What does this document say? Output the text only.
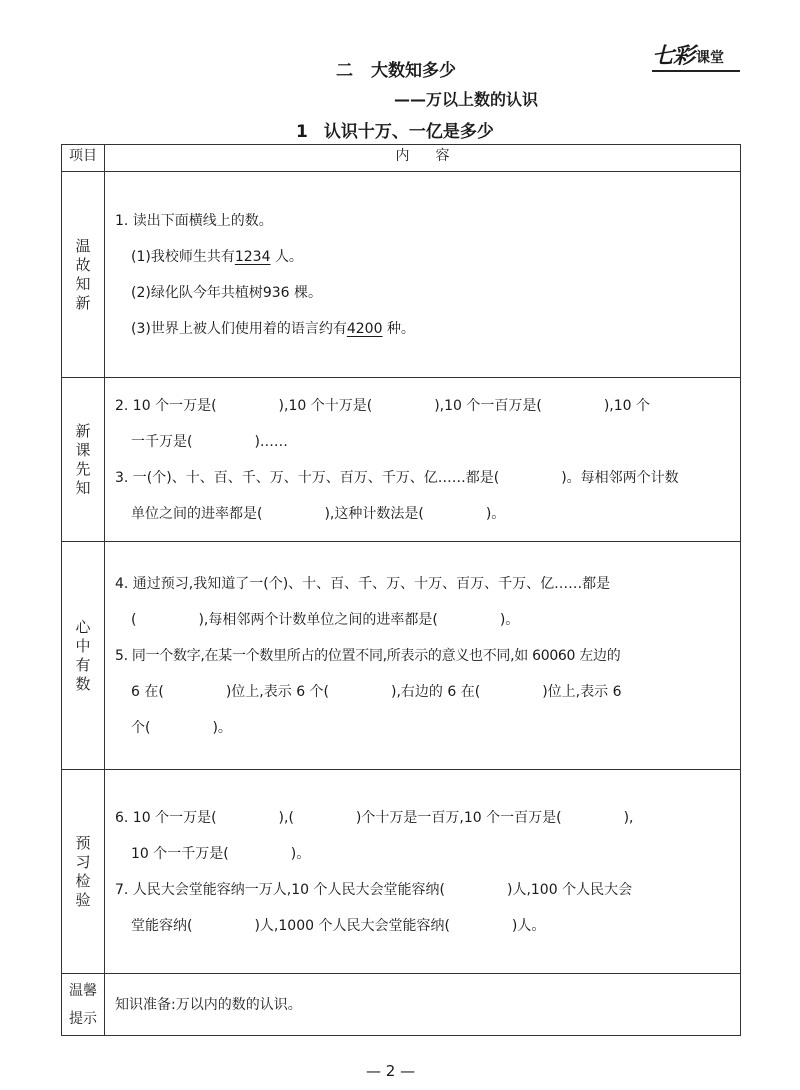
七彩 课堂
二 大数知多少
——万以上数的认识
1 认识十万、一亿是多少
项目	内容
温故知新	1. 读出下面横线上的数。
(1)我校师生共有1234 人。
(2)绿化队今年共植树936 棵。
(3)世界上被人们使用着的语言约有4200 种。

新课先知	2. 10 个一万是( ),10 个十万是( ),10 个一百万是( ),10 个
一千万是( )……
3. 一(个)、十、百、千、万、十万、百万、千万、亿……都是( )。每相邻两个计数
单位之间的进率都是( ),这种计数法是( )。

心中有数	4. 通过预习,我知道了一(个)、十、百、千、万、十万、百万、千万、亿……都是
( ),每相邻两个计数单位之间的进率都是( )。
5. 同一个数字,在某一个数里所占的位置不同,所表示的意义也不同,如 60060 左边的
6 在( )位上,表示 6 个( ),右边的 6 在( )位上,表示 6
个( )。

预习检验	6. 10 个一万是( ),( )个十万是一百万,10 个一百万是( ),
10 个一千万是( )。
7. 人民大会堂能容纳一万人,10 个人民大会堂能容纳( )人,100 个人民大会
堂能容纳( )人,1000 个人民大会堂能容纳( )人。

温馨
提示	知识准备:万以内的数的认识。
— 2 —
